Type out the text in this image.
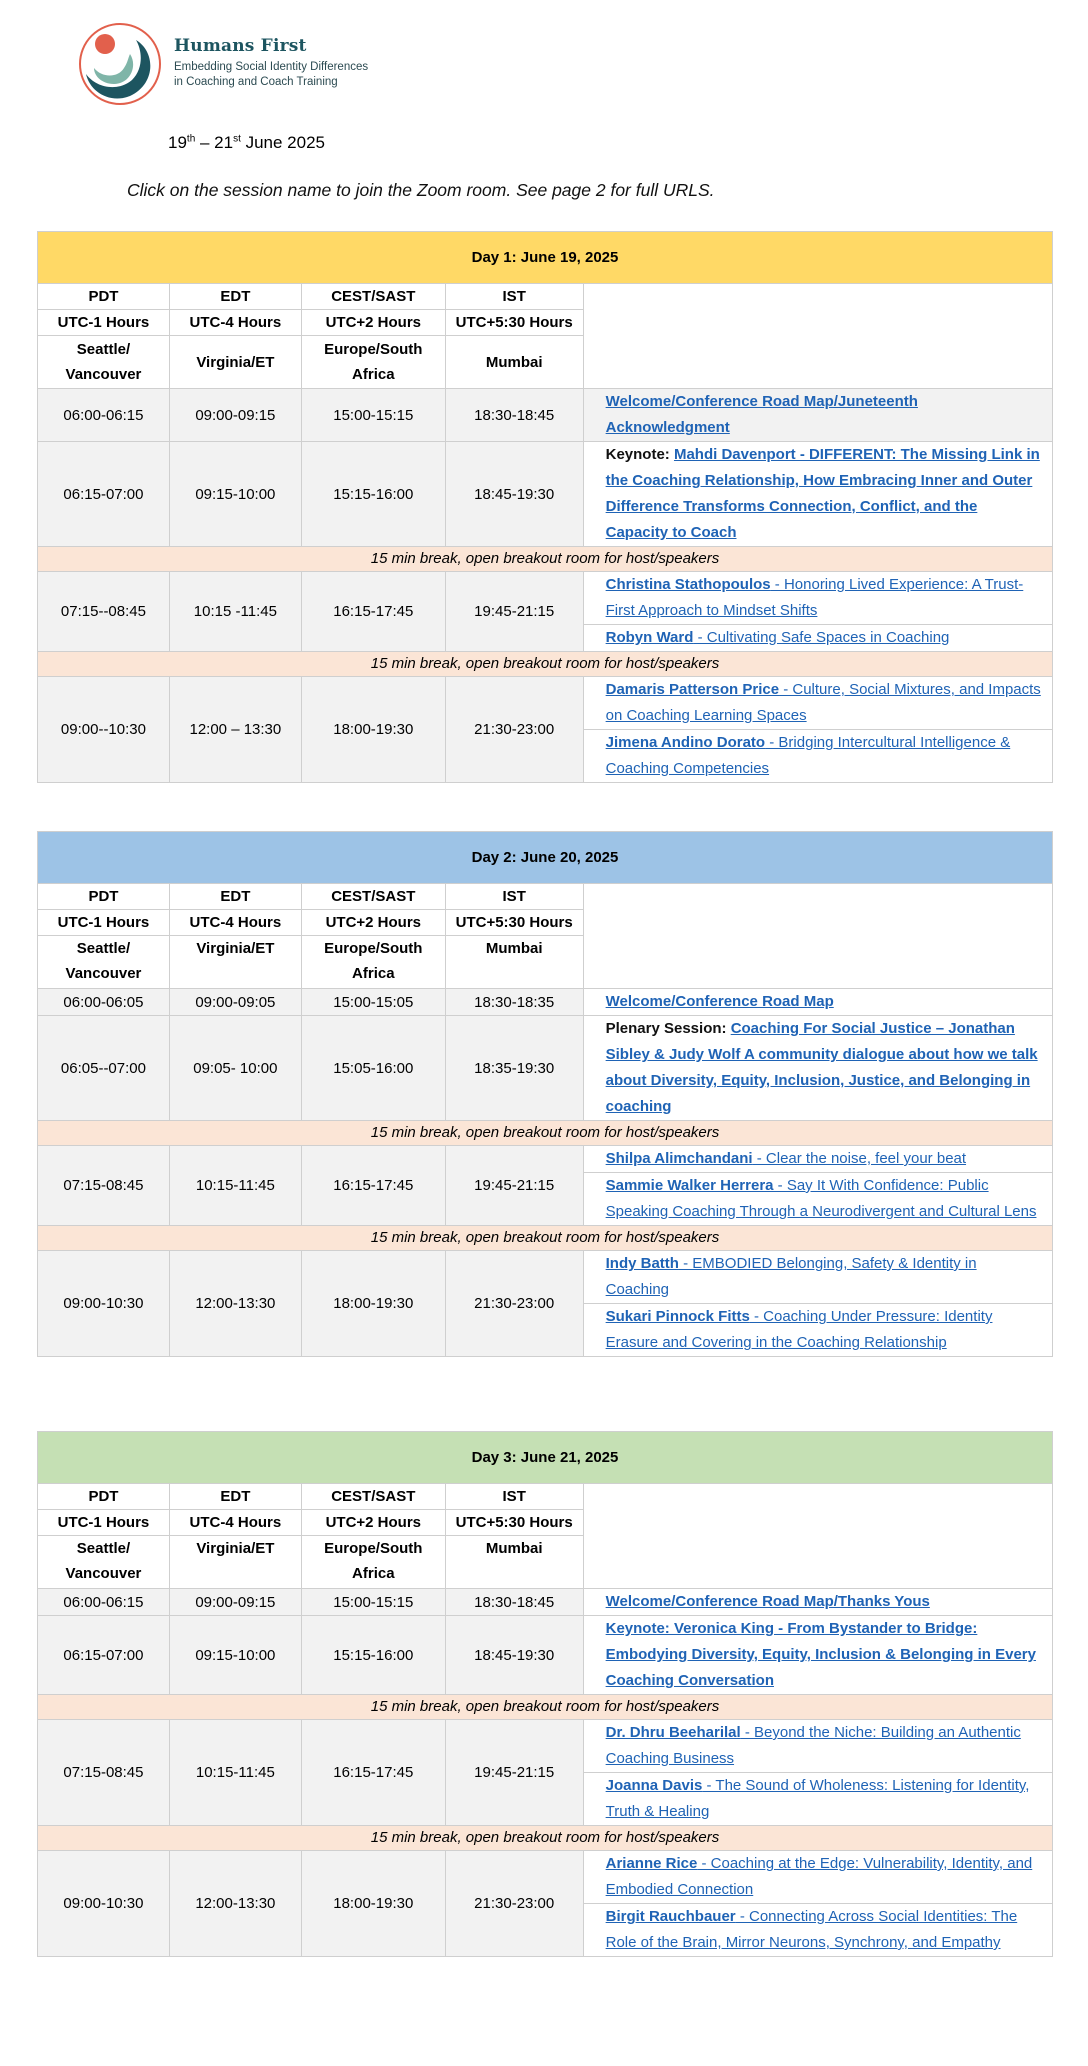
Humans First
Embedding Social Identity Differences
in Coaching and Coach Training
19th – 21st June 2025
Click on the session name to join the Zoom room. See page 2 for full URLS.
Day 1: June 19, 2025				
PDT	EDT	CEST/SAST	IST	
UTC-1 Hours	UTC-4 Hours	UTC+2 Hours	UTC+5:30 Hours	
Seattle/ Vancouver	Virginia/ET	Europe/South Africa	Mumbai	
06:00-06:15	09:00-09:15	15:00-15:15	18:30-18:45	Welcome/Conference Road Map/Juneteenth Acknowledgment
06:15-07:00	09:15-10:00	15:15-16:00	18:45-19:30	Keynote: Mahdi Davenport - DIFFERENT: The Missing Link in the Coaching Relationship, How Embracing Inner and Outer Difference Transforms Connection, Conflict, and the Capacity to Coach
15 min break, open breakout room for host/speakers				
07:15--08:45	10:15 -11:45	16:15-17:45	19:45-21:15	Christina Stathopoulos - Honoring Lived Experience: A Trust-First Approach to Mindset Shifts
				Robyn Ward - Cultivating Safe Spaces in Coaching
15 min break, open breakout room for host/speakers				
09:00--10:30	12:00 – 13:30	18:00-19:30	21:30-23:00	Damaris Patterson Price - Culture, Social Mixtures, and Impacts on Coaching Learning Spaces
				Jimena Andino Dorato - Bridging Intercultural Intelligence & Coaching Competencies
Day 2: June 20, 2025				
PDT	EDT	CEST/SAST	IST	
UTC-1 Hours	UTC-4 Hours	UTC+2 Hours	UTC+5:30 Hours	
Seattle/ Vancouver	Virginia/ET	Europe/South Africa	Mumbai	
06:00-06:05	09:00-09:05	15:00-15:05	18:30-18:35	Welcome/Conference Road Map
06:05--07:00	09:05- 10:00	15:05-16:00	18:35-19:30	Plenary Session: Coaching For Social Justice – Jonathan Sibley & Judy Wolf A community dialogue about how we talk about Diversity, Equity, Inclusion, Justice, and Belonging in coaching
15 min break, open breakout room for host/speakers				
07:15-08:45	10:15-11:45	16:15-17:45	19:45-21:15	Shilpa Alimchandani - Clear the noise, feel your beat
				Sammie Walker Herrera - Say It With Confidence: Public Speaking Coaching Through a Neurodivergent and Cultural Lens
15 min break, open breakout room for host/speakers				
09:00-10:30	12:00-13:30	18:00-19:30	21:30-23:00	Indy Batth - EMBODIED Belonging, Safety & Identity in Coaching
				Sukari Pinnock Fitts - Coaching Under Pressure: Identity Erasure and Covering in the Coaching Relationship
Day 3: June 21, 2025				
PDT	EDT	CEST/SAST	IST	
UTC-1 Hours	UTC-4 Hours	UTC+2 Hours	UTC+5:30 Hours	
Seattle/ Vancouver	Virginia/ET	Europe/South Africa	Mumbai	
06:00-06:15	09:00-09:15	15:00-15:15	18:30-18:45	Welcome/Conference Road Map/Thanks Yous
06:15-07:00	09:15-10:00	15:15-16:00	18:45-19:30	Keynote: Veronica King - From Bystander to Bridge: Embodying Diversity, Equity, Inclusion & Belonging in Every Coaching Conversation
15 min break, open breakout room for host/speakers				
07:15-08:45	10:15-11:45	16:15-17:45	19:45-21:15	Dr. Dhru Beeharilal - Beyond the Niche: Building an Authentic Coaching Business
				Joanna Davis - The Sound of Wholeness: Listening for Identity, Truth & Healing
15 min break, open breakout room for host/speakers				
09:00-10:30	12:00-13:30	18:00-19:30	21:30-23:00	Arianne Rice - Coaching at the Edge: Vulnerability, Identity, and Embodied Connection
				Birgit Rauchbauer - Connecting Across Social Identities: The Role of the Brain, Mirror Neurons, Synchrony, and Empathy
